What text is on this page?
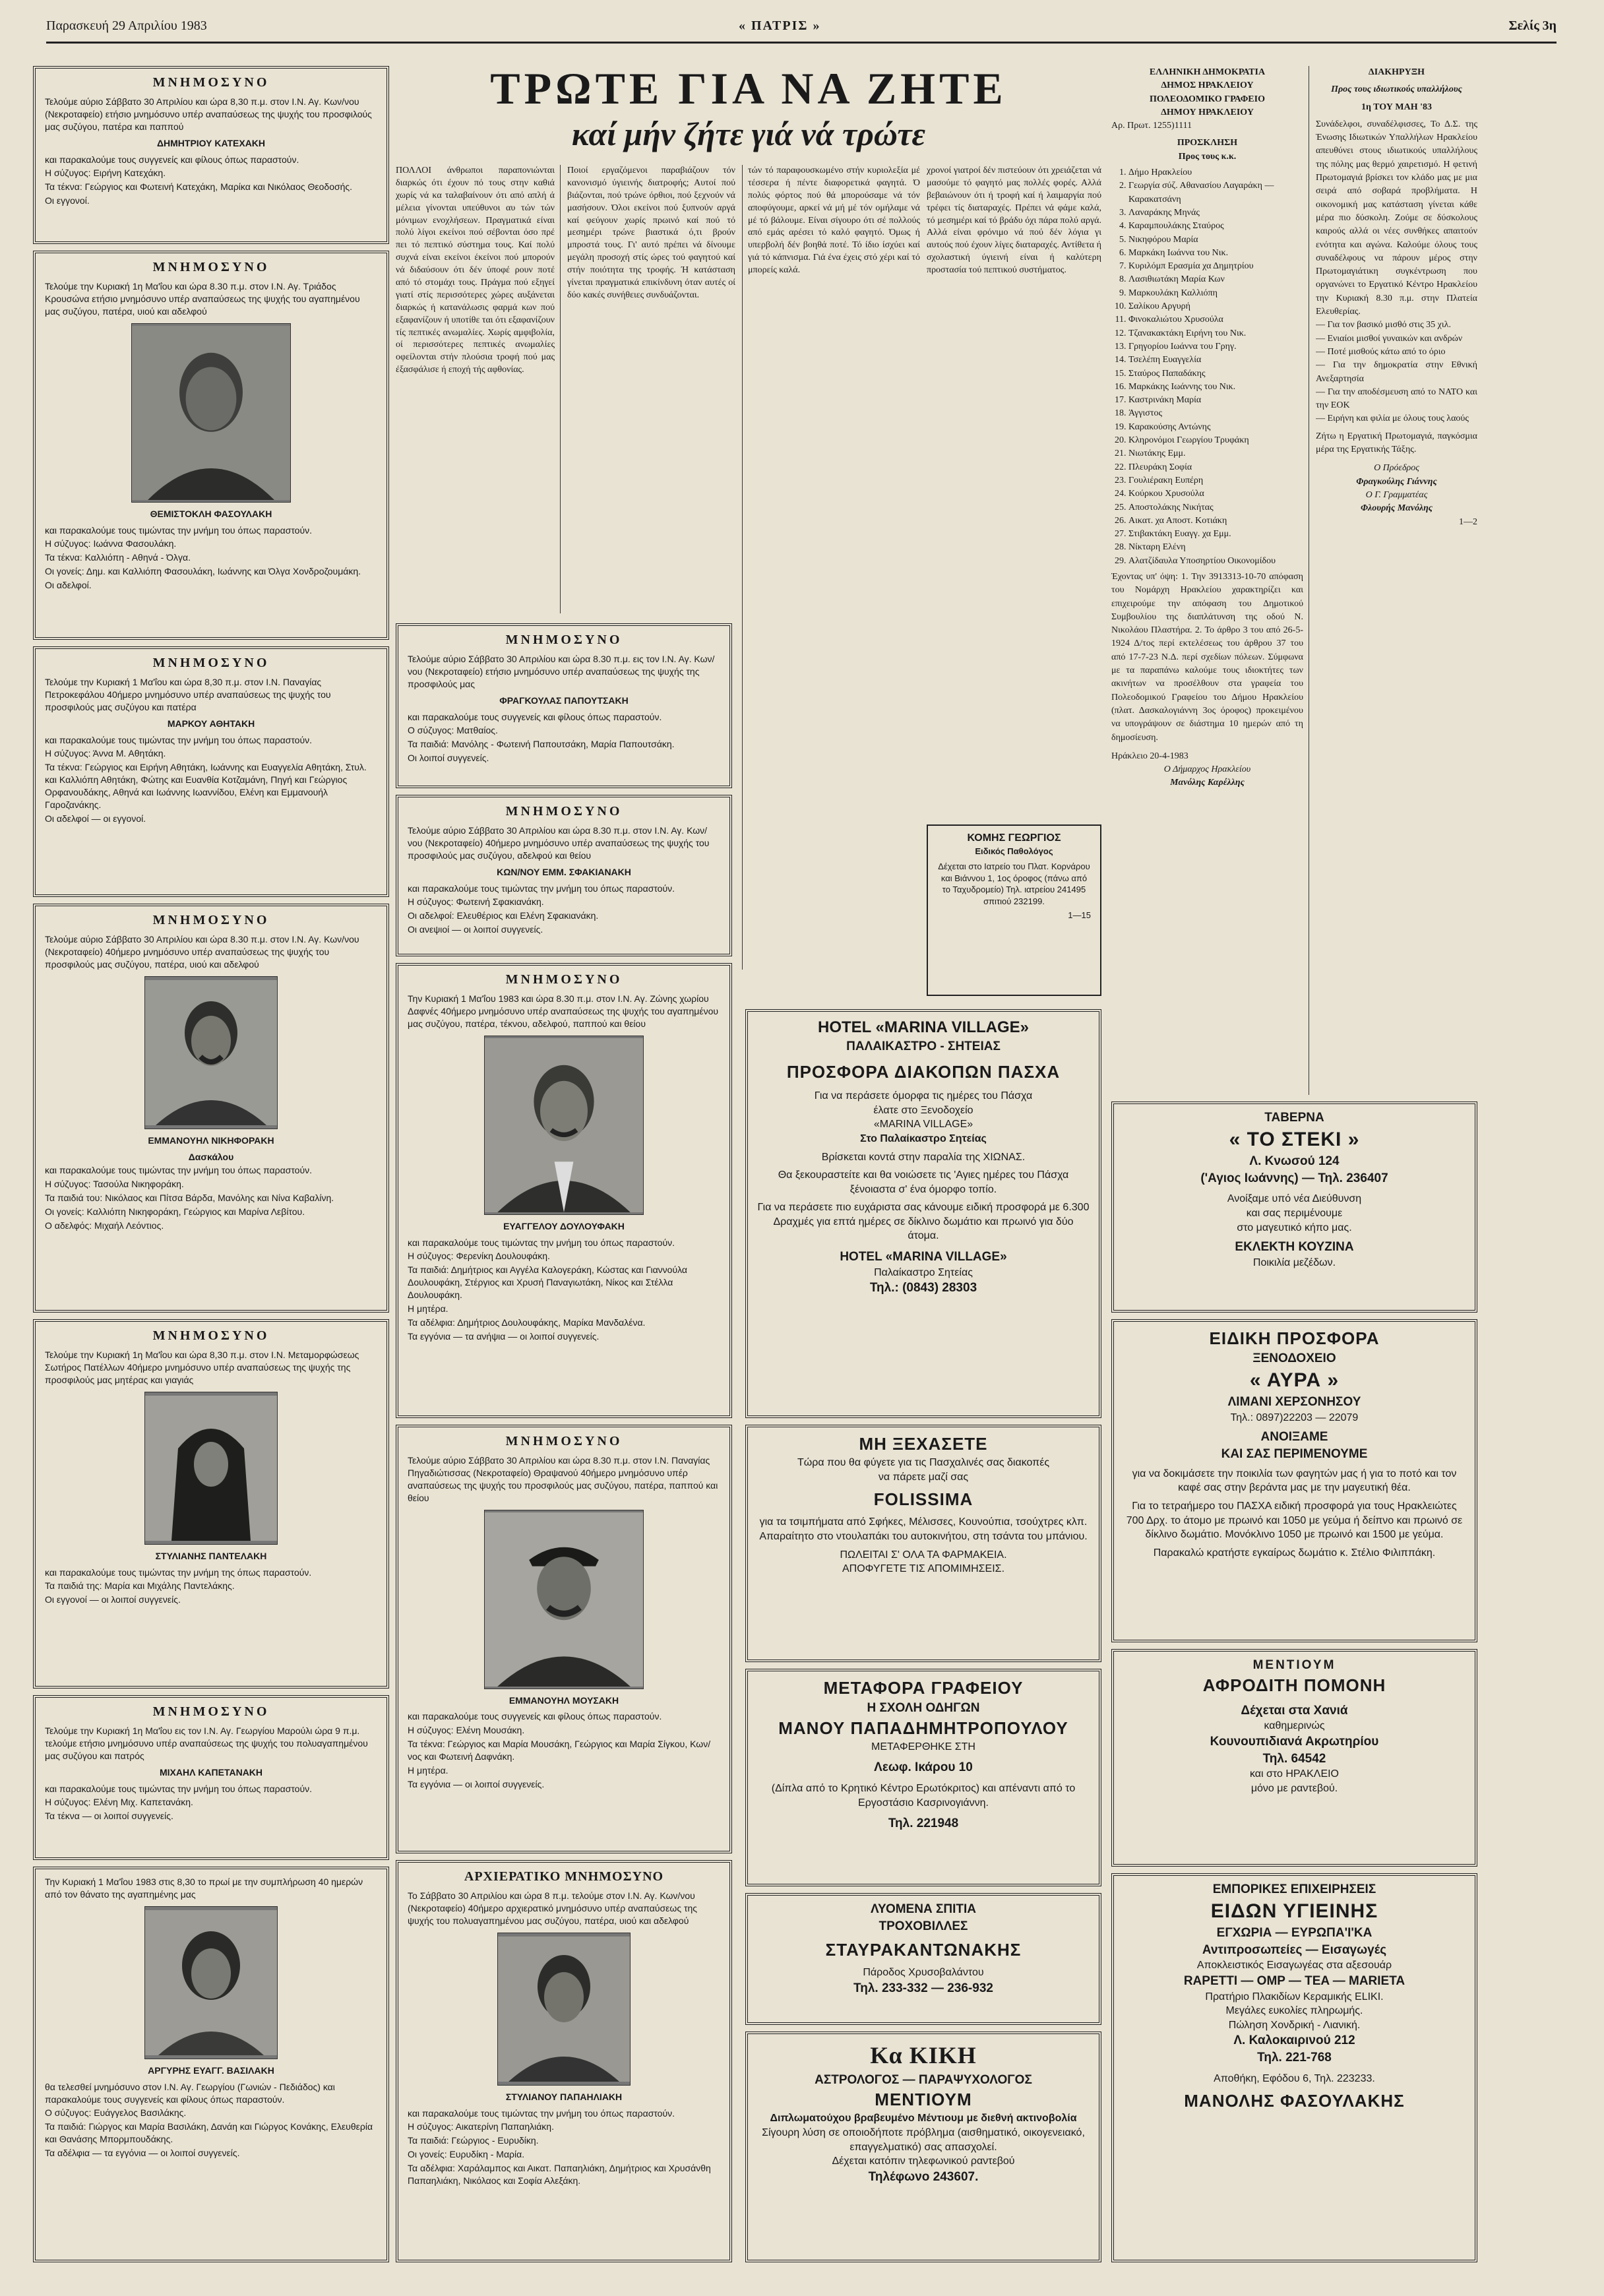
Παρασκευή 29 Απριλίου 1983	« ΠΑΤΡΙΣ »	Σελίς 3η
ΜΝΗΜΟΣΥΝΟ

Τελούμε αύριο Σάββατο 30 Απριλίου και ώρα 8,30 π.μ. στον Ι.Ν. Αγ. Κων/νου (Νεκροταφείο) ετήσιο μνημόσυνο υπέρ αναπαύσεως της ψυχής του προσφιλούς μας συζύγου, πατέρα και παππού

ΔΗΜΗΤΡΙΟΥ ΚΑΤΕΧΑΚΗ

και παρακαλούμε τους συγγενείς και φίλους όπως παραστούν.

Η σύζυγος: Ειρήνη Κατεχάκη.

Τα τέκνα: Γεώργιος και Φωτεινή Κατεχάκη, Μαρίκα και Νικόλαος Θεοδοσής.

Οι εγγονοί.

ΜΝΗΜΟΣΥΝΟ

Τελούμε την Κυριακή 1η Μα'ΐου και ώρα 8.30 π.μ. στον Ι.Ν. Αγ. Τριάδος Κρουσώνα ετήσιο μνημόσυνο υπέρ αναπαύσεως της ψυχής του αγαπημένου μας συζύγου, πατέρα, υιού και αδελφού

ΘΕΜΙΣΤΟΚΛΗ ΦΑΣΟΥΛΑΚΗ

και παρακαλούμε τους τιμώντας την μνήμη του όπως παραστούν.

Η σύζυγος: Ιωάννα Φασουλάκη.

Τα τέκνα: Καλλιόπη - Αθηνά - Όλγα.

Οι γονείς: Δημ. και Καλλιόπη Φασουλάκη, Ιωάννης και Όλγα Χονδροζουμάκη.

Οι αδελφοί.

ΜΝΗΜΟΣΥΝΟ

Τελούμε την Κυριακή 1 Μα'ΐου και ώρα 8,30 π.μ. στον Ι.Ν. Παναγίας Πετροκεφάλου 40ήμερο μνημόσυνο υπέρ αναπαύσεως της ψυχής του προσφιλούς μας συζύγου και πατέρα

ΜΑΡΚΟΥ ΑΘΗΤΑΚΗ

και παρακαλούμε τους τιμώντας την μνήμη του όπως παραστούν.

Η σύζυγος: Άννα Μ. Αθητάκη.

Τα τέκνα: Γεώργιος και Ειρήνη Αθητάκη, Ιωάννης και Ευαγγελία Αθητάκη, Στυλ. και Καλλιόπη Αθητάκη, Φώτης και Ευανθία Κοτζαμάνη, Πηγή και Γεώργιος Ορφανουδάκης, Αθηνά και Ιωάννης Ιωαννίδου, Ελένη και Εμμανουήλ Γαροζανάκης.

Οι αδελφοί — οι εγγονοί.

ΜΝΗΜΟΣΥΝΟ

Τελούμε αύριο Σάββατο 30 Απριλίου και ώρα 8.30 π.μ. στον Ι.Ν. Αγ. Κων/νου (Νεκροταφείο) 40ήμερο μνημόσυνο υπέρ αναπαύσεως της ψυχής του προσφιλούς μας συζύγου, πατέρα, υιού και αδελφού

ΕΜΜΑΝΟΥΗΛ ΝΙΚΗΦΟΡΑΚΗ
Δασκάλου

και παρακαλούμε τους τιμώντας την μνήμη του όπως παραστούν.

Η σύζυγος: Τασούλα Νικηφοράκη.

Τα παιδιά του: Νικόλαος και Πίτσα Βάρδα, Μανόλης και Νίνα Καβαλίνη.

Οι γονείς: Καλλιόπη Νικηφοράκη, Γεώργιος και Μαρίνα Λεβίτου.

Ο αδελφός: Μιχαήλ Λεόντιος.

ΜΝΗΜΟΣΥΝΟ

Τελούμε την Κυριακή 1η Μα'ΐου και ώρα 8,30 π.μ. στον Ι.Ν. Μεταμορφώσεως Σωτήρος Πατέλλων 40ήμερο μνημόσυνο υπέρ αναπαύσεως της ψυχής της προσφιλούς μας μητέρας και γιαγιάς

ΣΤΥΛΙΑΝΗΣ ΠΑΝΤΕΛΑΚΗ

και παρακαλούμε τους τιμώντας την μνήμη της όπως παραστούν.

Τα παιδιά της: Μαρία και Μιχάλης Παντελάκης.

Οι εγγονοί — οι λοιποί συγγενείς.

ΜΝΗΜΟΣΥΝΟ

Τελούμε την Κυριακή 1η Μα'ΐου εις τον Ι.Ν. Αγ. Γεωργίου Μαρούλι ώρα 9 π.μ. τελούμε ετήσιο μνημόσυνο υπέρ αναπαύσεως της ψυχής του πολυαγαπημένου μας συζύγου και πατρός

ΜΙΧΑΗΛ ΚΑΠΕΤΑΝΑΚΗ

και παρακαλούμε τους τιμώντας την μνήμη του όπως παραστούν.

Η σύζυγος: Ελένη Μιχ. Καπετανάκη.

Τα τέκνα — οι λοιποί συγγενείς.

Την Κυριακή 1 Μα'ΐου 1983 στις 8,30 το πρωί με την συμπλήρωση 40 ημερών από τον θάνατο της αγαπημένης μας

ΑΡΓΥΡΗΣ ΕΥΑΓΓ. ΒΑΣΙΛΑΚΗ

θα τελεσθεί μνημόσυνο στον Ι.Ν. Αγ. Γεωργίου (Γωνιών - Πεδιάδος) και παρακαλούμε τους συγγενείς και φίλους όπως παραστούν.

Ο σύζυγος: Ευάγγελος Βασιλάκης.

Τα παιδιά: Γιώργος και Μαρία Βασιλάκη, Δανάη και Γιώργος Κονάκης, Ελευθερία και Θανάσης Μπορμπουδάκης.

Τα αδέλφια — τα εγγόνια — οι λοιποί συγγενείς.

ΤΡΩΤΕ ΓΙΑ ΝΑ ΖΗΤΕ
καί μήν ζήτε γιά νά τρώτε
ΠΟΛΛΟΙ άνθρωποι παραπονιώνται διαρκώς ότι έχουν πό τους στην καθιά χωρίς νά κα ταλαβαίνουν ότι από απλή ά μέλεια γίνονται υπεύθυνοι αυ τών τών μόνιμων ενοχλήσεων. Πραγματικά είναι πολύ λίγοι εκείνοι πού σέβονται όσο πρέ πει τό πεπτικό σύστημα τους. Καί πολύ συχνά είναι εκείνοι έκείνοι πού μπορούν νά διδαύσουν ότι δέν ύποφέ ρουν ποτέ από τό στομάχι τους. Πράγμα πού εξηγεί γιατί στίς περισσότερες χώρες αυξάνεται διαρκώς ή κατανάλωσις φαρμά κων πού εξαφανίζουν ή υποτίθε ται ότι εξαφανίζουν τίς πεπτικές ανωμαλίες. Χωρίς αμφιβολία, οί περισσότερες πεπτικές ανωμαλίες οφείλονται στήν πλούσια τροφή πού μας έξασφάλισε ή εποχή τής αφθονίας.
Ποιοί εργαζόμενοι παραβιάζουν τόν κανονισμό ύγιεινής διατροφής; Αυτοί πού βιάζονται, πού τρώνε όρθιοι, πού ξεχνούν νά μασήσουν. Όλοι εκείνοι πού ξυπνούν αργά καί φεύγουν χωρίς πρωινό καί πού τό μεσημέρι τρώνε βιαστικά ό,τι βρούν μπροστά τους. Γι' αυτό πρέπει νά δίνουμε μεγάλη προσοχή στίς ώρες τού φαγητού καί στήν ποιότητα της τροφής. Ή κατάσταση γίνεται πραγματικά επικίνδυνη όταν αυτές οί δύο κακές συνήθειες συνδυάζονται.
τών τό παραφουσκωμένο στήν κυριολεξία μέ τέσσερα ή πέντε διαφορετικά φαγητά. Ό πολύς φόρτος πού θά μπορούσαμε νά τόν αποφύγουμε, αρκεί νά μή μέ τόν ομήλαμε νά μέ τό βάλουμε. Είναι σίγουρο ότι σέ πολλούς από εμάς αρέσει τό καλό φαγητό. Όμως ή υπερβολή δέν βοηθά ποτέ. Τό ίδιο ίσχύει καί γιά τό κάπνισμα. Γιά ένα έχεις στό χέρι καί τό μπορείς καλά.
χρονοί γιατροί δέν πιστεύουν ότι χρειάζεται νά μασούμε τό φαγητό μας πολλές φορές. Αλλά βεβαιώνουν ότι ή τροφή καί ή λαιμαργία πού τρέφει τίς διαταραχές. Πρέπει νά φάμε καλά, τό μεσημέρι καί τό βράδυ όχι πάρα πολύ αργά. Αλλά είναι φρόνιμο νά πού δέν λόγια γι αυτούς πού έχουν λίγες διαταραχές. Αντίθετα ή σχολαστική ύγιεινή είναι ή καλύτερη προστασία τού πεπτικού συστήματος.
ΜΝΗΜΟΣΥΝΟ

Τελούμε αύριο Σάββατο 30 Απριλίου και ώρα 8.30 π.μ. εις τον Ι.Ν. Αγ. Κων/νου (Νεκροταφείο) ετήσιο μνημόσυνο υπέρ αναπαύσεως της ψυχής της προσφιλούς μας

ΦΡΑΓΚΟΥΛΑΣ ΠΑΠΟΥΤΣΑΚΗ

και παρακαλούμε τους συγγενείς και φίλους όπως παραστούν.

Ο σύζυγος: Ματθαίος.

Τα παιδιά: Μανόλης - Φωτεινή Παπουτσάκη, Μαρία Παπουτσάκη.

Οι λοιποί συγγενείς.

ΜΝΗΜΟΣΥΝΟ

Τελούμε αύριο Σάββατο 30 Απριλίου και ώρα 8.30 π.μ. στον Ι.Ν. Αγ. Κων/νου (Νεκροταφείο) 40ήμερο μνημόσυνο υπέρ αναπαύσεως της ψυχής του προσφιλούς μας συζύγου, αδελφού και θείου

ΚΩΝ/ΝΟΥ ΕΜΜ. ΣΦΑΚΙΑΝΑΚΗ

και παρακαλούμε τους τιμώντας την μνήμη του όπως παραστούν.

Η σύζυγος: Φωτεινή Σφακιανάκη.

Οι αδελφοί: Ελευθέριος και Ελένη Σφακιανάκη.

Οι ανεψιοί — οι λοιποί συγγενείς.

ΜΝΗΜΟΣΥΝΟ

Την Κυριακή 1 Μα'ΐου 1983 και ώρα 8.30 π.μ. στον Ι.Ν. Αγ. Ζώνης χωρίου Δαφνές 40ήμερο μνημόσυνο υπέρ αναπαύσεως της ψυχής του αγαπημένου μας συζύγου, πατέρα, τέκνου, αδελφού, παππού και θείου

ΕΥΑΓΓΕΛΟΥ ΔΟΥΛΟΥΦΑΚΗ

και παρακαλούμε τους τιμώντας την μνήμη του όπως παραστούν.

Η σύζυγος: Φερενίκη Δουλουφάκη.

Τα παιδιά: Δημήτριος και Αγγέλα Καλογεράκη, Κώστας και Γιαννούλα Δουλουφάκη, Στέργιος και Χρυσή Παναγιωτάκη, Νίκος και Στέλλα Δουλουφάκη.

Η μητέρα.

Τα αδέλφια: Δημήτριος Δουλουφάκης, Μαρίκα Μανδαλένα.

Τα εγγόνια — τα ανήψια — οι λοιποί συγγενείς.

ΜΝΗΜΟΣΥΝΟ

Τελούμε αύριο Σάββατο 30 Απριλίου και ώρα 8.30 π.μ. στον Ι.Ν. Παναγίας Πηγαδιώτισσας (Νεκροταφείο) Θραψανού 40ήμερο μνημόσυνο υπέρ αναπαύσεως της ψυχής του προσφιλούς μας συζύγου, πατέρα, παππού και θείου

ΕΜΜΑΝΟΥΗΛ ΜΟΥΣΑΚΗ

και παρακαλούμε τους συγγενείς και φίλους όπως παραστούν.

Η σύζυγος: Ελένη Μουσάκη.

Τα τέκνα: Γεώργιος και Μαρία Μουσάκη, Γεώργιος και Μαρία Σίγκου, Κων/νος και Φωτεινή Δαφνάκη.

Η μητέρα.

Τα εγγόνια — οι λοιποί συγγενείς.

ΑΡΧΙΕΡΑΤΙΚΟ ΜΝΗΜΟΣΥΝΟ

Το Σάββατο 30 Απριλίου και ώρα 8 π.μ. τελούμε στον Ι.Ν. Αγ. Κων/νου (Νεκροταφείο) 40ήμερο αρχιερατικό μνημόσυνο υπέρ αναπαύσεως της ψυχής του πολυαγαπημένου μας συζύγου, πατέρα, υιού και αδελφού

ΣΤΥΛΙΑΝΟΥ ΠΑΠΑΗΛΙΑΚΗ

και παρακαλούμε τους τιμώντας την μνήμη του όπως παραστούν.

Η σύζυγος: Αικατερίνη Παπαηλιάκη.

Τα παιδιά: Γεώργιος - Ευρυδίκη.

Οι γονείς: Ευρυδίκη - Μαρία.

Τα αδέλφια: Χαράλαμπος και Αικατ. Παπαηλιάκη, Δημήτριος και Χρυσάνθη Παπαηλιάκη, Νικόλαος και Σοφία Αλεξάκη.

ΚΟΜΗΣ ΓΕΩΡΓΙΟΣ
Ειδικός Παθολόγος
Δέχεται στο Ιατρείο του Πλατ. Κορνάρου και Βιάννου 1, 1ος όροφος (πάνω από το Ταχυδρομείο) Τηλ. ιατρείου 241495 σπιτιού 232199.
1—15
HOTEL «MARINA VILLAGE»
ΠΑΛΑΙΚΑΣΤΡΟ - ΣΗΤΕΙΑΣ
ΠΡΟΣΦΟΡΑ ΔΙΑΚΟΠΩΝ ΠΑΣΧΑ
Για να περάσετε όμορφα τις ημέρες του Πάσχα
έλατε στο Ξενοδοχείο
«MARINA VILLAGE»
Στο Παλαίκαστρο Σητείας
Βρίσκεται κοντά στην παραλία της ΧΙΩΝΑΣ.
Θα ξεκουραστείτε και θα νοιώσετε τις 'Αγιες ημέρες του Πάσχα ξένοιαστα σ' ένα όμορφο τοπίο.
Για να περάσετε πιο ευχάριστα σας κάνουμε ειδική προσφορά με 6.300 Δραχμές για επτά ημέρες σε δίκλινο δωμάτιο και πρωινό για δύο άτομα.
HOTEL «MARINA VILLAGE»
Παλαίκαστρο Σητείας
Τηλ.: (0843) 28303
ΜΗ ΞΕΧΑΣΕΤΕ
Τώρα που θα φύγετε για τις Πασχαλινές σας διακοπές
να πάρετε μαζί σας
FOLISSIMA
για τα τσιμπήματα από Σφήκες, Μέλισσες, Κουνούπια, τσούχτρες κλπ.
Απαραίτητο στο ντουλαπάκι του αυτοκινήτου, στη τσάντα του μπάνιου.
ΠΩΛΕΙΤΑΙ Σ' ΟΛΑ ΤΑ ΦΑΡΜΑΚΕΙΑ.
ΑΠΟΦΥΓΕΤΕ ΤΙΣ ΑΠΟΜΙΜΗΣΕΙΣ.
ΜΕΤΑΦΟΡΑ ΓΡΑΦΕΙΟΥ
Η ΣΧΟΛΗ ΟΔΗΓΩΝ
ΜΑΝΟΥ ΠΑΠΑΔΗΜΗΤΡΟΠΟΥΛΟΥ
ΜΕΤΑΦΕΡΘΗΚΕ ΣΤΗ
Λεωφ. Ικάρου 10
(Δίπλα από το Κρητικό Κέντρο Ερωτόκριτος) και απέναντι από το Εργοστάσιο Κασρινογιάννη.
Τηλ. 221948
ΛΥΟΜΕΝΑ ΣΠΙΤΙΑ
ΤΡΟΧΟΒΙΛΛΕΣ
ΣΤΑΥΡΑΚΑΝΤΩΝΑΚΗΣ
Πάροδος Χρυσοβαλάντου
Τηλ. 233-332 — 236-932
Κα ΚΙΚΗ
ΑΣΤΡΟΛΟΓΟΣ — ΠΑΡΑΨΥΧΟΛΟΓΟΣ
ΜΕΝΤΙΟΥΜ
Διπλωματούχου βραβευμένο Μέντιουμ με διεθνή ακτινοβολία
Σίγουρη λύση σε οποιοδήποτε πρόβλημα (αισθηματικό, οικογενειακό, επαγγελματικό) σας απασχολεί.
Δέχεται κατόπιν τηλεφωνικού ραντεβού
Τηλέφωνο 243607.
ΕΛΛΗΝΙΚΗ ΔΗΜΟΚΡΑΤΙΑ
ΔΗΜΟΣ ΗΡΑΚΛΕΙΟΥ
ΠΟΛΕΟΔΟΜΙΚΟ ΓΡΑΦΕΙΟ
ΔΗΜΟΥ ΗΡΑΚΛΕΙΟΥ
Αρ. Πρωτ. 1255)1111
ΠΡΟΣΚΛΗΣΗ
Προς τους κ.κ.
1. Δήμο Ηρακλείου
2. Γεωργία σύζ. Αθανασίου Λαγαράκη —Καρακατσάνη
3. Λαναράκης Μηνάς
4. Καραμπουλάκης Σταύρος
5. Νικηφόρου Μαρία
6. Μαρκάκη Ιωάννα του Νικ.
7. Κυριλόμπ Ερασμία χα Δημητρίου
8. Λασιθιωτάκη Μαρία Κων
9. Μαρκουλάκη Καλλιόπη
10. Σαλίκου Αργυρή
11. Φινοκαλιώτου Χρυσούλα
12. Τζανακακτάκη Ειρήνη του Νικ.
13. Γρηγορίου Ιωάννα του Γρηγ.
14. Τσελέπη Ευαγγελία
15. Σταύρος Παπαδάκης
16. Μαρκάκης Ιωάννης του Νικ.
17. Καστρινάκη Μαρία
18. Άγγιστος
19. Καρακούσης Αντώνης
20. Κληρονόμοι Γεωργίου Τρυφάκη
21. Νιωτάκης Εμμ.
22. Πλευράκη Σοφία
23. Γουλιέρακη Ευπέρη
24. Κούρκου Χρυσούλα
25. Αποστολάκης Νικήτας
26. Αικατ. χα Αποστ. Κοτιάκη
27. Στιβακτάκη Ευαγγ. χα Εμμ.
28. Νίκταρη Ελένη
29. Αλατζίδαυλα Υποσηρτίου Οικονομίδου
Έχοντας υπ' όψη: 1. Την 3913313-10-70 απόφαση του Νομάρχη Ηρακλείου χαρακτηρίζει και επιχειρούμε την απόφαση του Δημοτικού Συμβουλίου της διαπλάτυνση της οδού Ν. Νικολάου Πλαστήρα. 2. Το άρθρο 3 του από 26-5-1924 Δ/τος περί εκτελέσεως του άρθρου 37 του από 17-7-23 Ν.Δ. περί σχεδίων πόλεων. Σύμφωνα με τα παραπάνω καλούμε τους ιδιοκτήτες των ακινήτων να προσέλθουν στα γραφεία του Πολεοδομικού Γραφείου του Δήμου Ηρακλείου (πλατ. Δασκαλογιάννη 3ος όροφος) προκειμένου να υπογράψουν σε διάστημα 10 ημερών από τη δημοσίευση.
Ηράκλειο 20-4-1983
Ο Δήμαρχος Ηρακλείου
Μανόλης Καρέλλης
ΔΙΑΚΗΡΥΞΗ
Προς τους ιδιωτικούς υπαλλήλους
1η ΤΟΥ ΜΑΗ '83
Συνάδελφοι, συναδέλφισσες, Το Δ.Σ. της Ένωσης Ιδιωτικών Υπαλλήλων Ηρακλείου απευθύνει στους ιδιωτικούς υπαλλήλους της πόλης μας θερμό χαιρετισμό. Η φετινή Πρωτομαγιά βρίσκει τον κλάδο μας με μια σειρά από σοβαρά προβλήματα. Η οικονομική μας κατάσταση γίνεται κάθε μέρα πιο δύσκολη. Ζούμε σε δύσκολους καιρούς αλλά οι νέες συνθήκες απαιτούν ενότητα και αγώνα. Καλούμε όλους τους συναδέλφους να πάρουν μέρος στην Πρωτομαγιάτικη συγκέντρωση που οργανώνει το Εργατικό Κέντρο Ηρακλείου την Κυριακή 8.30 π.μ. στην Πλατεία Ελευθερίας.
— Για τον βασικό μισθό στις 35 χιλ.
— Ενιαίοι μισθοί γυναικών και ανδρών
— Ποτέ μισθούς κάτω από το όριο
— Για την δημοκρατία στην Εθνική Ανεξαρτησία
— Για την αποδέσμευση από το ΝΑΤΟ και την ΕΟΚ
— Ειρήνη και φιλία με όλους τους λαούς
Ζήτω η Εργατική Πρωτομαγιά, παγκόσμια μέρα της Εργατικής Τάξης.
Ο Πρόεδρος
Φραγκούλης Γιάννης
Ο Γ. Γραμματέας
Φλουρής Μανόλης
1—2
ΤΑΒΕΡΝΑ
« ΤΟ ΣΤΕΚΙ »
Λ. Κνωσού 124
('Αγιος Ιωάννης) — Τηλ. 236407
Ανοίξαμε υπό νέα Διεύθυνση
και σας περιμένουμε
στο μαγευτικό κήπο μας.
ΕΚΛΕΚΤΗ ΚΟΥΖΙΝΑ
Ποικιλία μεζέδων.
ΕΙΔΙΚΗ ΠΡΟΣΦΟΡΑ
ΞΕΝΟΔΟΧΕΙΟ
« ΑΥΡΑ »
ΛΙΜΑΝΙ ΧΕΡΣΟΝΗΣΟΥ
Τηλ.: 0897)22203 — 22079
ΑΝΟΙΞΑΜΕ
ΚΑΙ ΣΑΣ ΠΕΡΙΜΕΝΟΥΜΕ
για να δοκιμάσετε την ποικιλία των φαγητών μας ή για το ποτό και τον καφέ σας στην βεράντα μας με την μαγευτική θέα.
Για το τετραήμερο του ΠΑΣΧΑ ειδική προσφορά για τους Ηρακλειώτες 700 Δρχ. το άτομο με πρωινό και 1050 με γεύμα ή δείπνο και πρωινό σε δίκλινο δωμάτιο. Μονόκλινο 1050 με πρωινό και 1500 με γεύμα.
Παρακαλώ κρατήστε εγκαίρως δωμάτιο κ. Στέλιο Φιλιππάκη.
ΜΕΝΤΙΟΥΜ
ΑΦΡΟΔΙΤΗ ΠΟΜΟΝΗ
Δέχεται στα Χανιά
καθημερινώς
Κουνουπιδιανά Ακρωτηρίου
Τηλ. 64542
και στο ΗΡΑΚΛΕΙΟ
μόνο με ραντεβού.
ΕΜΠΟΡΙΚΕΣ ΕΠΙΧΕΙΡΗΣΕΙΣ
ΕΙΔΩΝ ΥΓΙΕΙΝΗΣ
ΕΓΧΩΡΙΑ — ΕΥΡΩΠΑ'Ι'ΚΑ
Αντιπροσωπείες — Εισαγωγές
Αποκλειστικός Εισαγωγέας στα αξεσουάρ
RAPETTI — OMP — TEA — MARIETA
Πρατήριο Πλακιδίων Κεραμικής ELIKI.
Μεγάλες ευκολίες πληρωμής.
Πώληση Χονδρική - Λιανική.
Λ. Καλοκαιρινού 212
Τηλ. 221-768
Αποθήκη, Εφόδου 6, Τηλ. 223233.
ΜΑΝΟΛΗΣ ΦΑΣΟΥΛΑΚΗΣ
